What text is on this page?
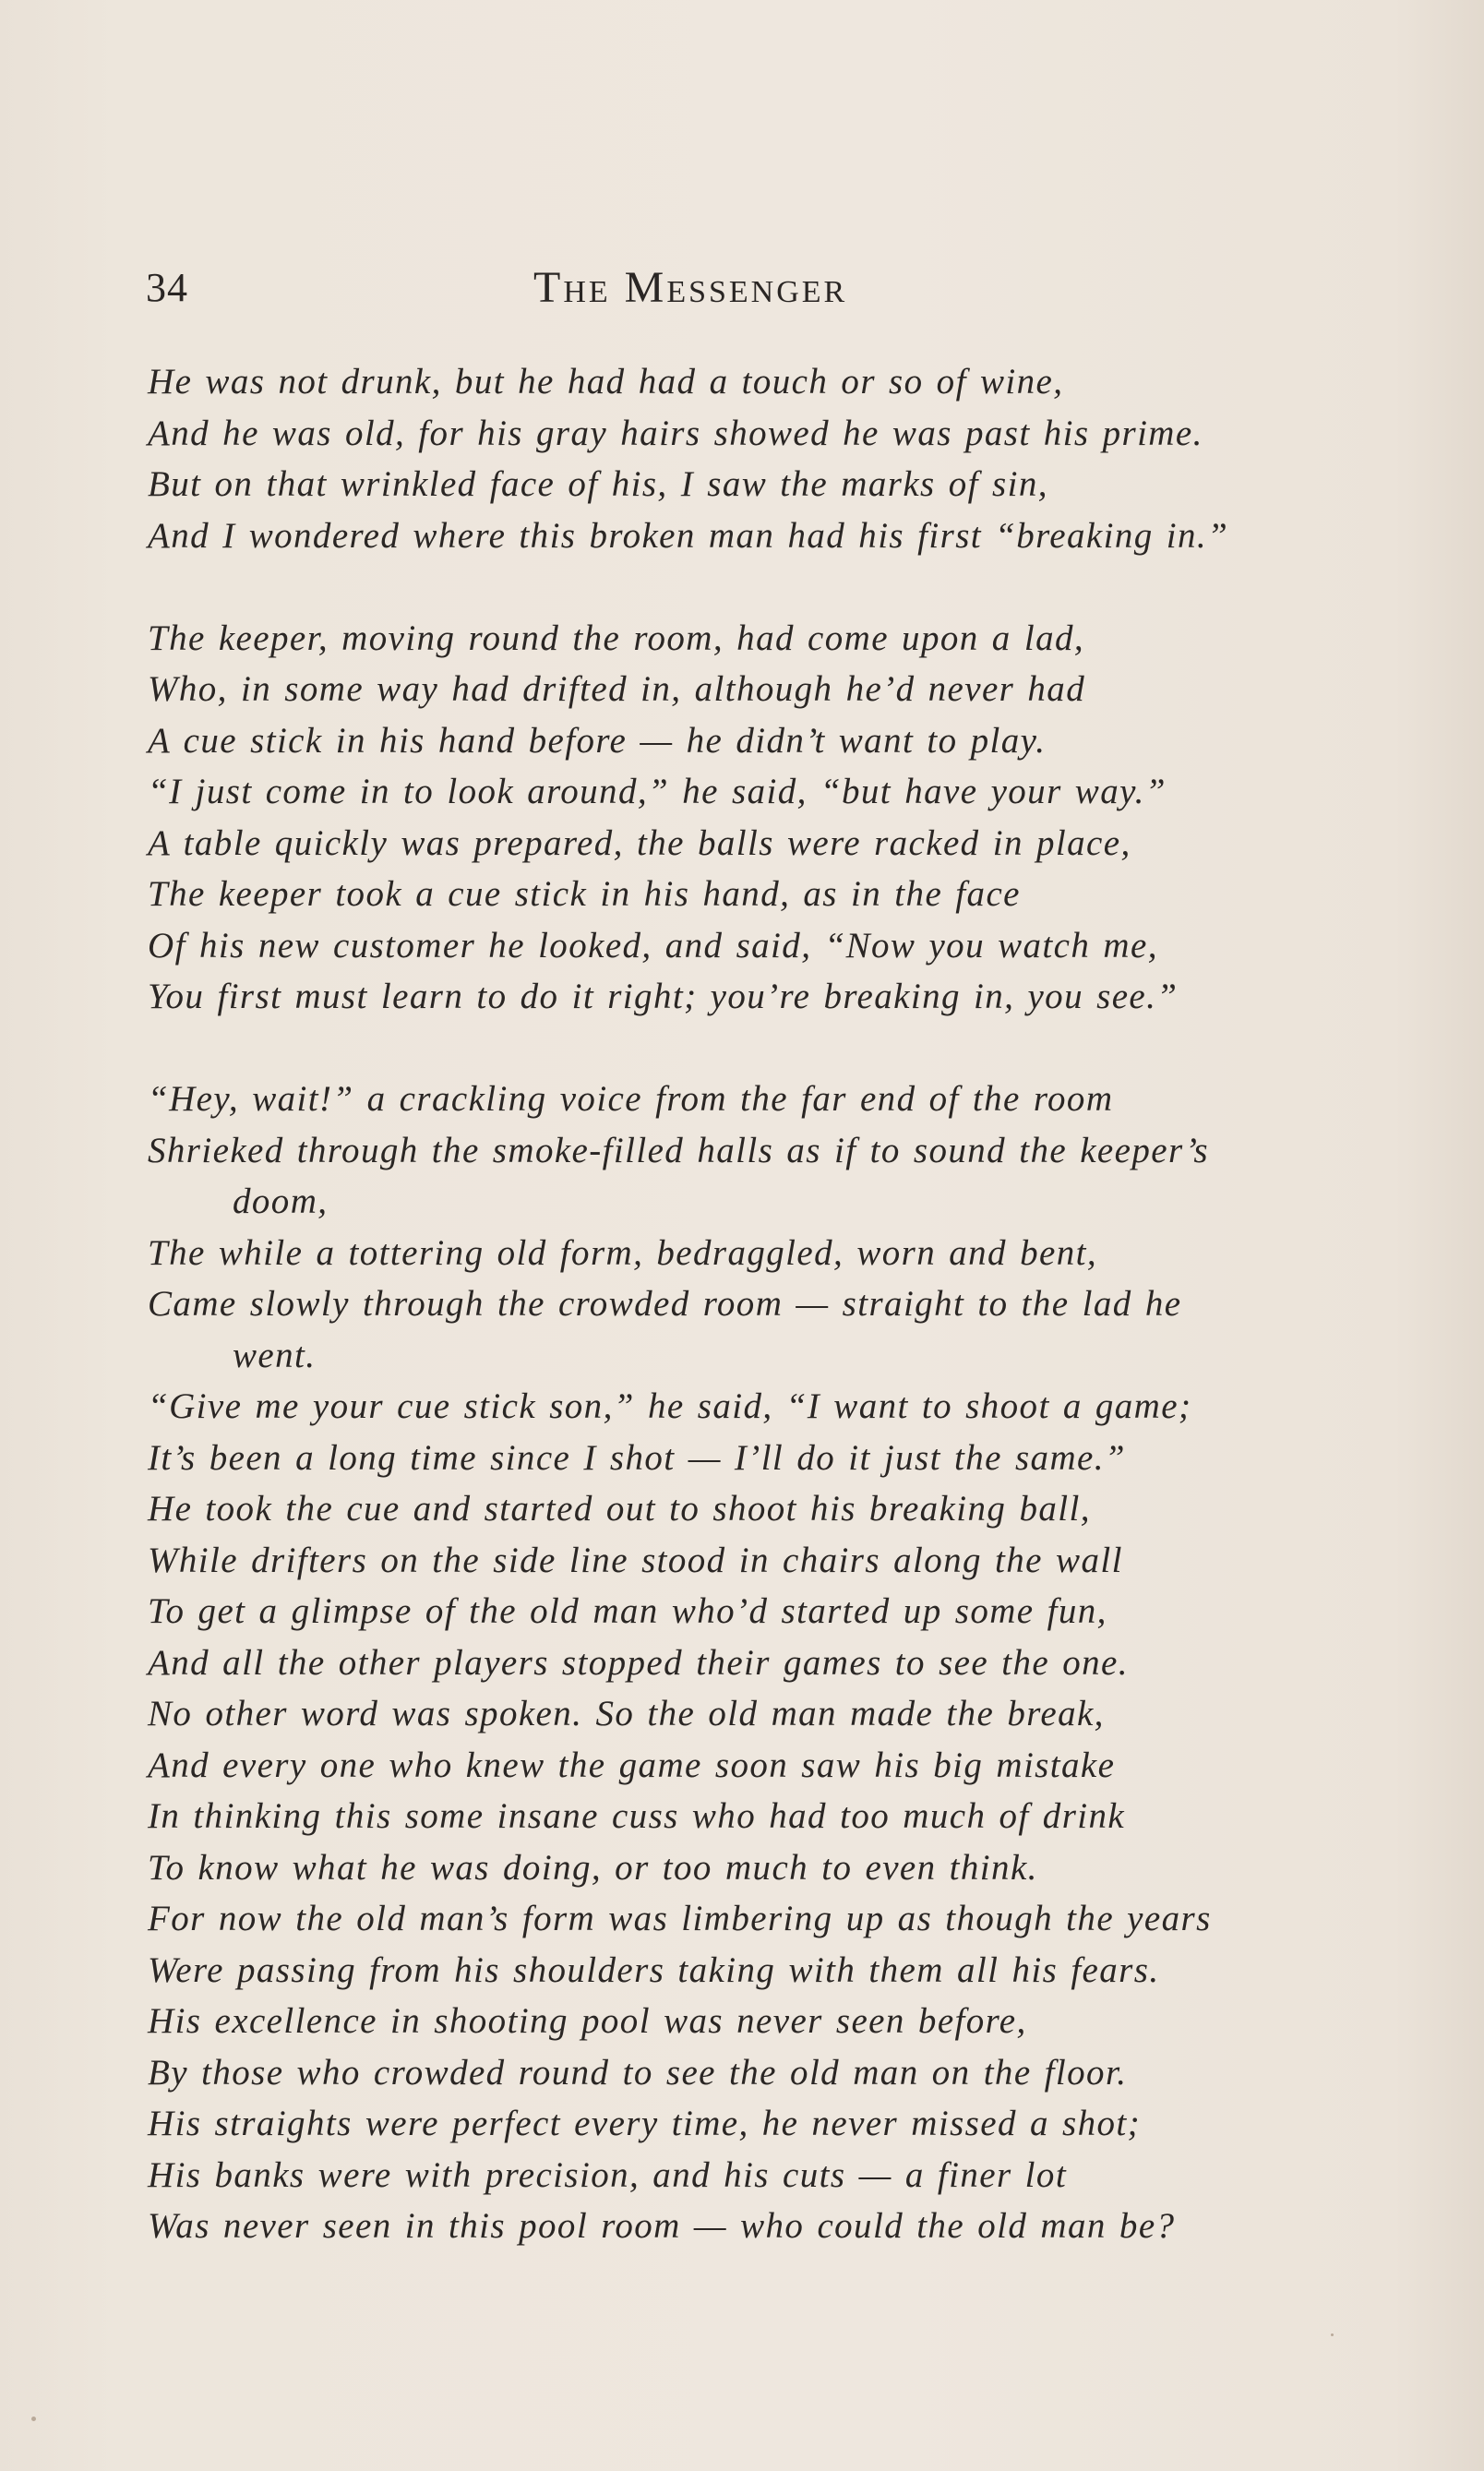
34	The Messenger
He was not drunk, but he had had a touch or so of wine,
And he was old, for his gray hairs showed he was past his prime.
But on that wrinkled face of his, I saw the marks of sin,
And I wondered where this broken man had his first “breaking in.”
The keeper, moving round the room, had come upon a lad,
Who, in some way had drifted in, although he’d never had
A cue stick in his hand before — he didn’t want to play.
“I just come in to look around,” he said, “but have your way.”
A table quickly was prepared, the balls were racked in place,
The keeper took a cue stick in his hand, as in the face
Of his new customer he looked, and said, “Now you watch me,
You first must learn to do it right; you’re breaking in, you see.”
“Hey, wait!” a crackling voice from the far end of the room
Shrieked through the smoke-filled halls as if to sound the keeper’s
doom,
The while a tottering old form, bedraggled, worn and bent,
Came slowly through the crowded room — straight to the lad he
went.
“Give me your cue stick son,” he said, “I want to shoot a game;
It’s been a long time since I shot — I’ll do it just the same.”
He took the cue and started out to shoot his breaking ball,
While drifters on the side line stood in chairs along the wall
To get a glimpse of the old man who’d started up some fun,
And all the other players stopped their games to see the one.
No other word was spoken. So the old man made the break,
And every one who knew the game soon saw his big mistake
In thinking this some insane cuss who had too much of drink
To know what he was doing, or too much to even think.
For now the old man’s form was limbering up as though the years
Were passing from his shoulders taking with them all his fears.
His excellence in shooting pool was never seen before,
By those who crowded round to see the old man on the floor.
His straights were perfect every time, he never missed a shot;
His banks were with precision, and his cuts — a finer lot
Was never seen in this pool room — who could the old man be?
